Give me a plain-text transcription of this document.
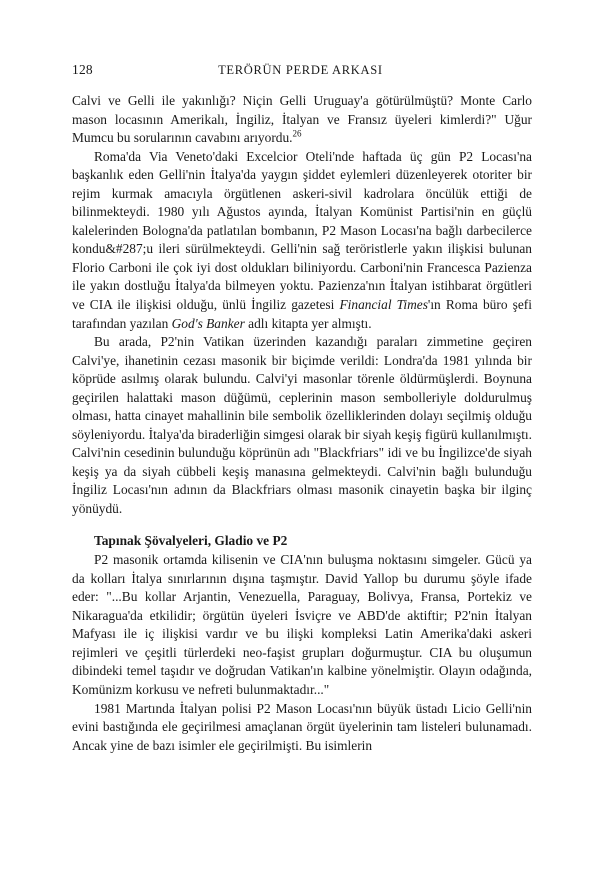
128	TERÖRÜN PERDE ARKASI

Calvi ve Gelli ile yakınlığı? Niçin Gelli Uruguay'a götürülmüştü? Monte Carlo mason locasının Amerikalı, İngiliz, İtalyan ve Fransız üyeleri kimlerdi?" Uğur Mumcu bu sorularının cavabını arıyordu.$^{26}$

Roma'da Via Veneto'daki Excelcior Oteli'nde haftada üç gün P2 Locası'na başkanlık eden Gelli'nin İtalya'da yaygın şiddet eylemleri düzenleyerek otoriter bir rejim kurmak amacıyla örgütlenen askeri-sivil kadrolara öncülük ettiği de bilinmekteydi. 1980 yılı Ağustos ayında, İtalyan Komünist Partisi'nin en güçlü kalelerinden Bologna'da patlatılan bombanın, P2 Mason Locası'na bağlı darbecilerce kondu&#287;u ileri sürülmekteydi. Gelli'nin sağ teröristlerle yakın ilişkisi bulunan Florio Carboni ile çok iyi dost oldukları biliniyordu. Carboni'nin Francesca Pazienza ile yakın dostluğu İtalya'da bilmeyen yoktu. Pazienza'nın İtalyan istihbarat örgütleri ve CIA ile ilişkisi olduğu, ünlü İngiliz gazetesi Financial Times'ın Roma büro şefi tarafından yazılan God's Banker adlı kitapta yer almıştı.

Bu arada, P2'nin Vatikan üzerinden kazandığı paraları zimmetine geçiren Calvi'ye, ihanetinin cezası masonik bir biçimde verildi: Londra'da 1981 yılında bir köprüde asılmış olarak bulundu. Calvi'yi masonlar törenle öldürmüşlerdi. Boynuna geçirilen halattaki mason düğümü, ceplerinin mason sembolleriyle doldurulmuş olması, hatta cinayet mahallinin bile sembolik özelliklerinden dolayı seçilmiş olduğu söyleniyordu. İtalya'da biraderliğin simgesi olarak bir siyah keşiş figürü kullanılmıştı. Calvi'nin cesedinin bulunduğu köprünün adı "Blackfriars" idi ve bu İngilizce'de siyah keşiş ya da siyah cübbeli keşiş manasına gelmekteydi. Calvi'nin bağlı bulunduğu İngiliz Locası'nın adının da Blackfriars olması masonik cinayetin başka bir ilginç yönüydü.

Tapınak Şövalyeleri, Gladio ve P2

P2 masonik ortamda kilisenin ve CIA'nın buluşma noktasını simgeler. Gücü ya da kolları İtalya sınırlarının dışına taşmıştır. David Yallop bu durumu şöyle ifade eder: "...Bu kollar Arjantin, Venezuella, Paraguay, Bolivya, Fransa, Portekiz ve Nikaragua'da etkilidir; örgütün üyeleri İsviçre ve ABD'de aktiftir; P2'nin İtalyan Mafyası ile iç ilişkisi vardır ve bu ilişki kompleksi Latin Amerika'daki askeri rejimleri ve çeşitli türlerdeki neo-faşist grupları doğurmuştur. CIA bu oluşumun dibindeki temel taşıdır ve doğrudan Vatikan'ın kalbine yönelmiştir. Olayın odağında, Komünizm korkusu ve nefreti bulunmaktadır..."

1981 Martında İtalyan polisi P2 Mason Locası'nın büyük üstadı Licio Gelli'nin evini bastığında ele geçirilmesi amaçlanan örgüt üyelerinin tam listeleri bulunamadı. Ancak yine de bazı isimler ele geçirilmişti. Bu isimlerin
